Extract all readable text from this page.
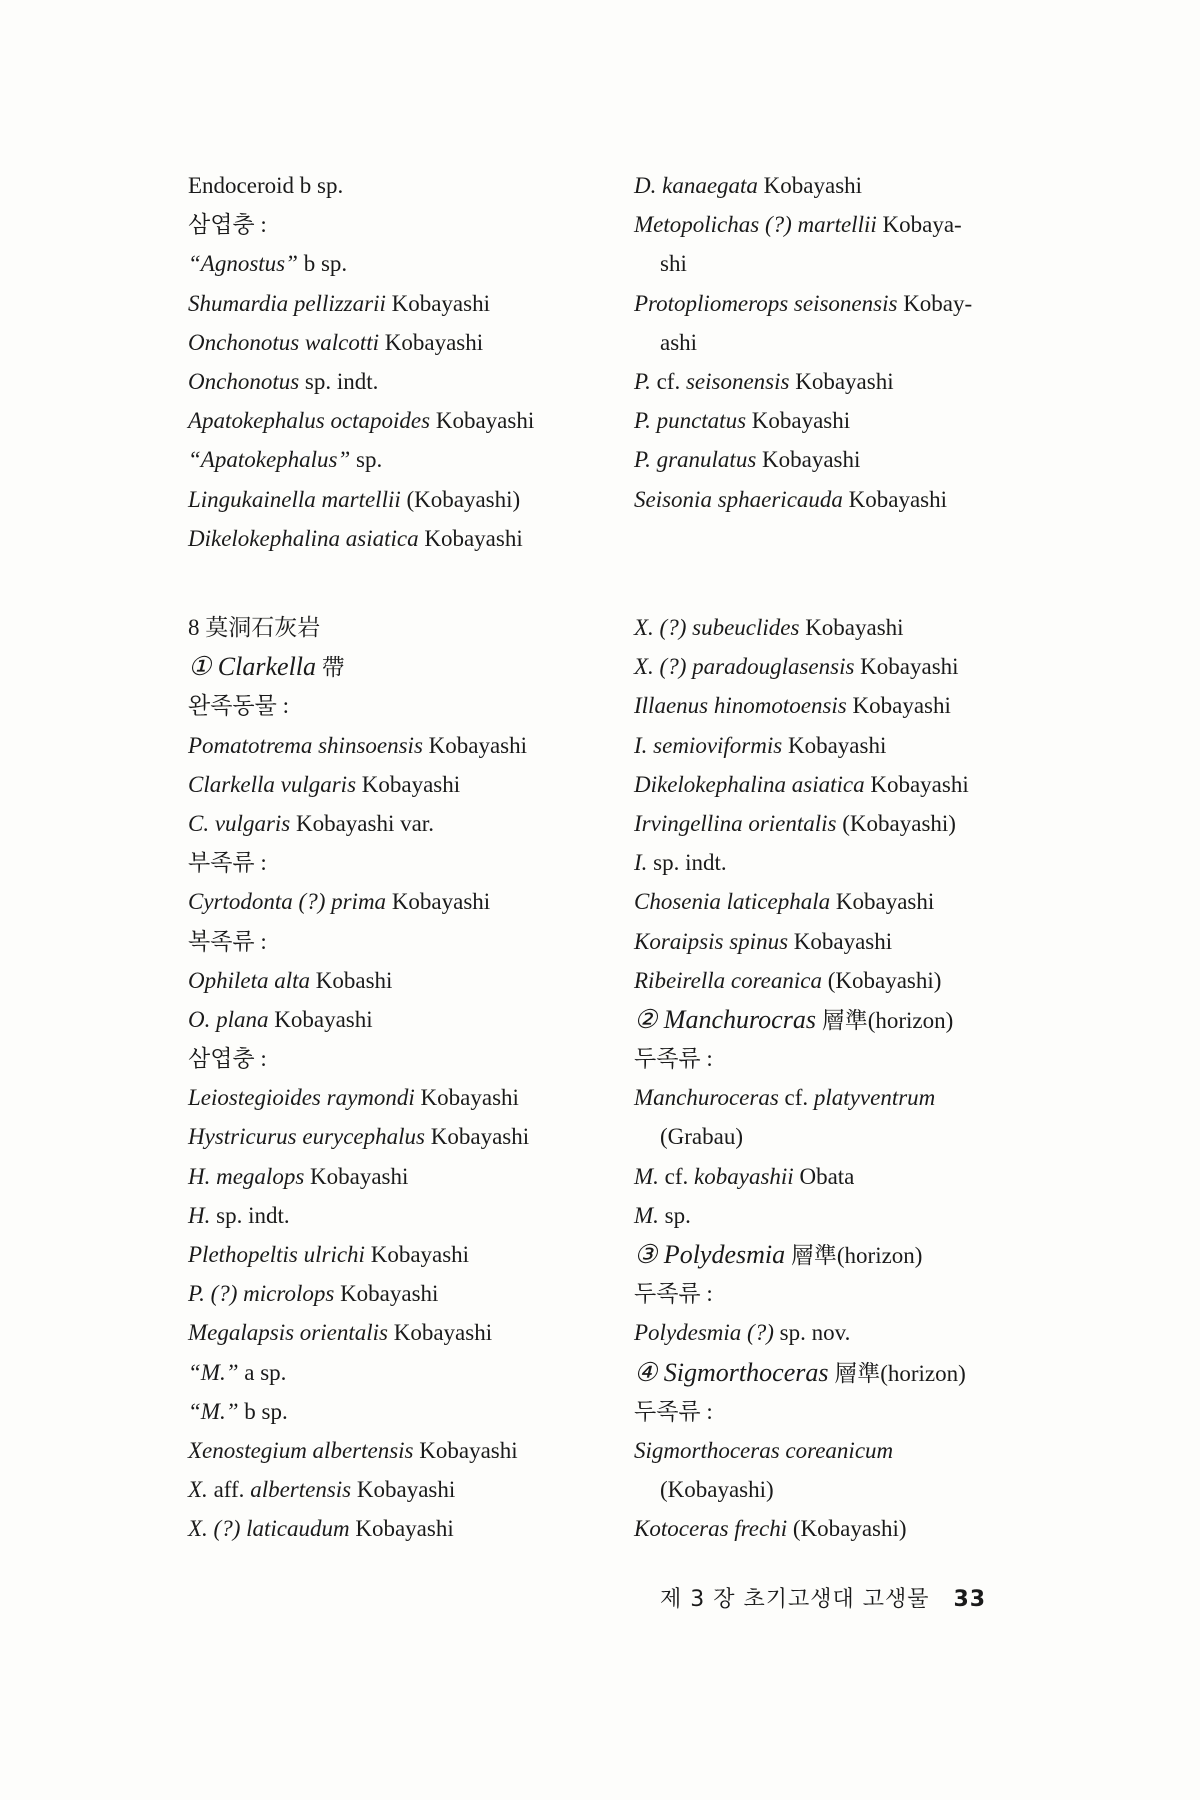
Endoceroid b sp.
삼엽충 :
“Agnostus” b sp.
Shumardia pellizzarii Kobayashi
Onchonotus walcotti Kobayashi
Onchonotus sp. indt.
Apatokephalus octapoides Kobayashi
“Apatokephalus” sp.
Lingukainella martellii (Kobayashi)
Dikelokephalina asiatica Kobayashi
D. kanaegata Kobayashi
Metopolichas (?) martellii Kobaya-
shi
Protopliomerops seisonensis Kobay-
ashi
P. cf. seisonensis Kobayashi
P. punctatus Kobayashi
P. granulatus Kobayashi
Seisonia sphaericauda Kobayashi
8 莫洞石灰岩
① Clarkella 帶
완족동물 :
Pomatotrema shinsoensis Kobayashi
Clarkella vulgaris Kobayashi
C. vulgaris Kobayashi var.
부족류 :
Cyrtodonta (?) prima Kobayashi
복족류 :
Ophileta alta Kobashi
O. plana Kobayashi
삼엽충 :
Leiostegioides raymondi Kobayashi
Hystricurus eurycephalus Kobayashi
H. megalops Kobayashi
H. sp. indt.
Plethopeltis ulrichi Kobayashi
P. (?) microlops Kobayashi
Megalapsis orientalis Kobayashi
“M.” a sp.
“M.” b sp.
Xenostegium albertensis Kobayashi
X. aff. albertensis Kobayashi
X. (?) laticaudum Kobayashi
X. (?) subeuclides Kobayashi
X. (?) paradouglasensis Kobayashi
Illaenus hinomotoensis Kobayashi
I. semioviformis Kobayashi
Dikelokephalina asiatica Kobayashi
Irvingellina orientalis (Kobayashi)
I. sp. indt.
Chosenia laticephala Kobayashi
Koraipsis spinus Kobayashi
Ribeirella coreanica (Kobayashi)
② Manchurocras 層準(horizon)
두족류 :
Manchuroceras cf. platyventrum
(Grabau)
M. cf. kobayashii Obata
M. sp.
③ Polydesmia 層準(horizon)
두족류 :
Polydesmia (?) sp. nov.
④ Sigmorthoceras 層準(horizon)
두족류 :
Sigmorthoceras coreanicum
(Kobayashi)
Kotoceras frechi (Kobayashi)
제 3 장 초기고생대 고생물 33
